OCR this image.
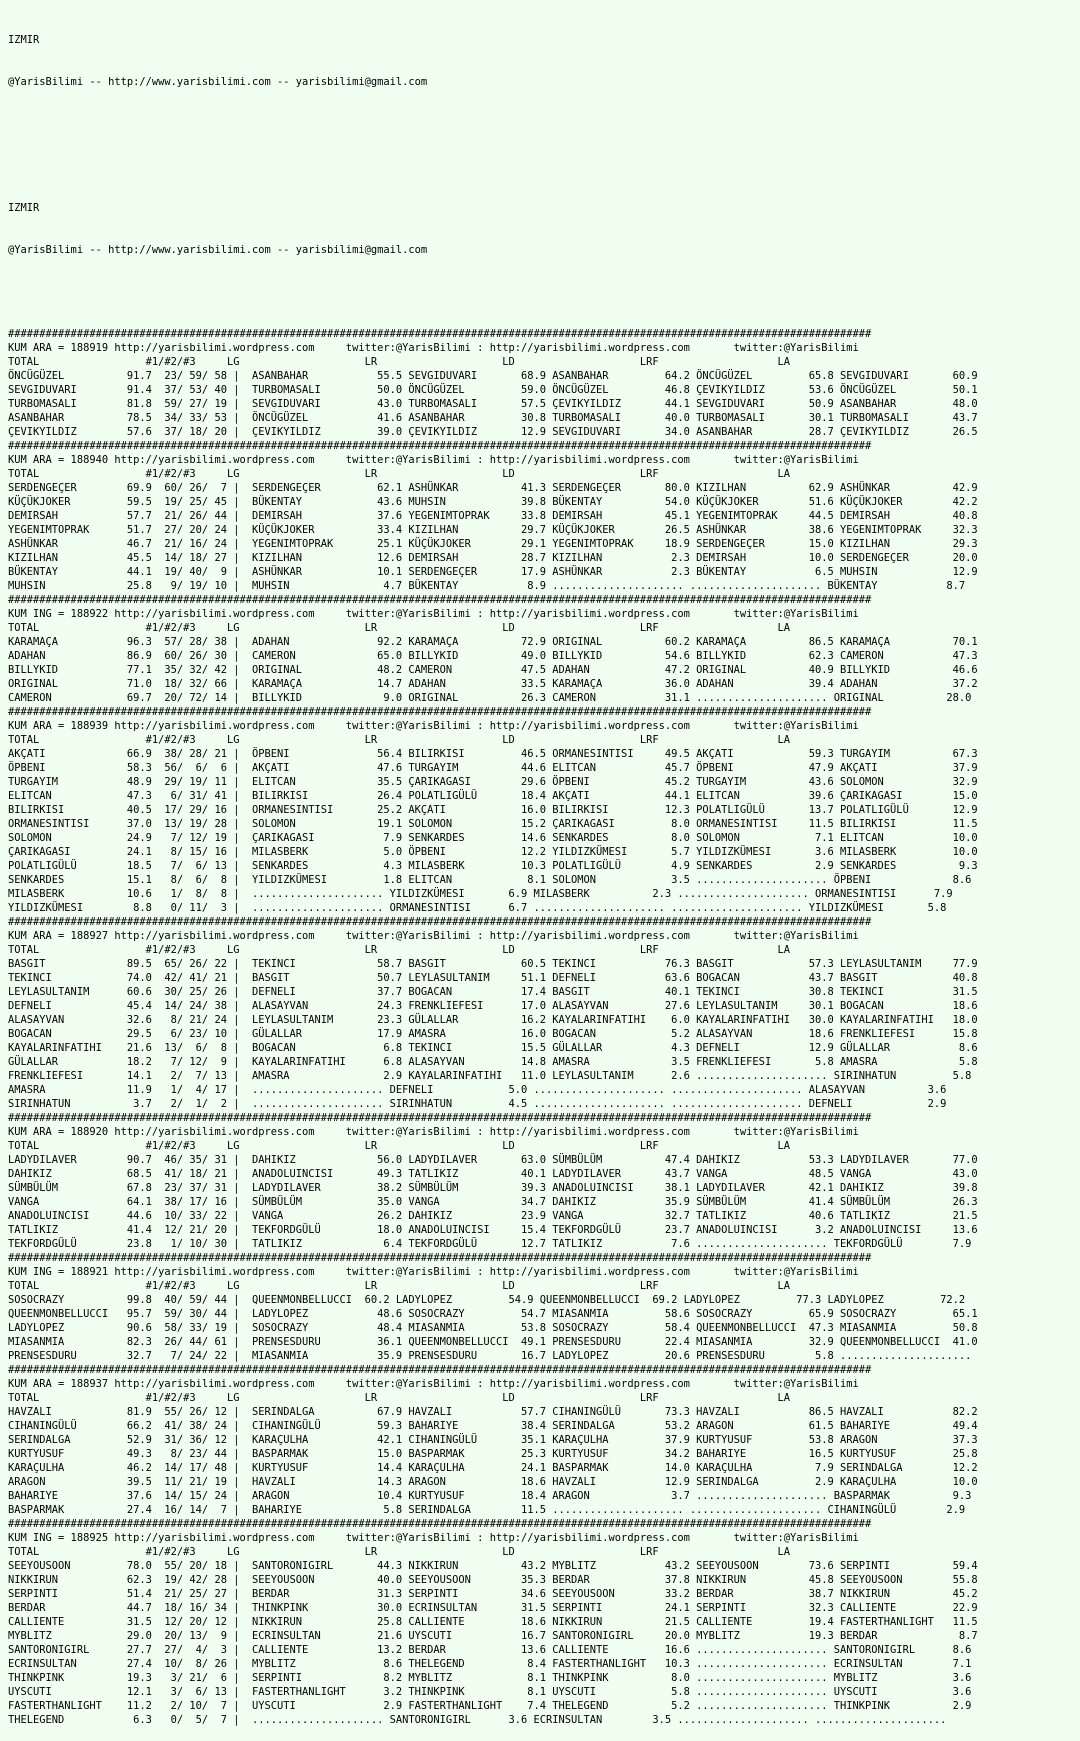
IZMIR

@YarisBilimi -- http://www.yarisbilimi.com -- yarisbilimi@gmail.com

IZMIR

@YarisBilimi -- http://www.yarisbilimi.com -- yarisbilimi@gmail.com

##########################################################################################################################################
KUM ARA = 188919 http://yarisbilimi.wordpress.com     twitter:@YarisBilimi : http://yarisbilimi.wordpress.com       twitter:@YarisBilimi
TOTAL                 #1/#2/#3     LG                    LR                    LD                    LRF                   LA
ÖNCÜGÜZEL          91.7  23/ 59/ 58 |  ASANBAHAR           55.5 SEVGIDUVARI       68.9 ASANBAHAR         64.2 ÖNCÜGÜZEL         65.8 SEVGIDUVARI       60.9
SEVGIDUVARI        91.4  37/ 53/ 40 |  TURBOMASALI         50.0 ÖNCÜGÜZEL         59.0 ÖNCÜGÜZEL         46.8 ÇEVIKYILDIZ       53.6 ÖNCÜGÜZEL         50.1
TURBOMASALI        81.8  59/ 27/ 19 |  SEVGIDUVARI         43.0 TURBOMASALI       57.5 ÇEVIKYILDIZ       44.1 SEVGIDUVARI       50.9 ASANBAHAR         48.0
ASANBAHAR          78.5  34/ 33/ 53 |  ÖNCÜGÜZEL           41.6 ASANBAHAR         30.8 TURBOMASALI       40.0 TURBOMASALI       30.1 TURBOMASALI       43.7
ÇEVIKYILDIZ        57.6  37/ 18/ 20 |  ÇEVIKYILDIZ         39.0 ÇEVIKYILDIZ       12.9 SEVGIDUVARI       34.0 ASANBAHAR         28.7 ÇEVIKYILDIZ       26.5
##########################################################################################################################################
KUM ARA = 188940 http://yarisbilimi.wordpress.com     twitter:@YarisBilimi : http://yarisbilimi.wordpress.com       twitter:@YarisBilimi
TOTAL                 #1/#2/#3     LG                    LR                    LD                    LRF                   LA
SERDENGEÇER        69.9  60/ 26/  7 |  SERDENGEÇER         62.1 ASHÜNKAR          41.3 SERDENGEÇER       80.0 KIZILHAN          62.9 ASHÜNKAR          42.9
KÜÇÜKJOKER         59.5  19/ 25/ 45 |  BÜKENTAY            43.6 MUHSIN            39.8 BÜKENTAY          54.0 KÜÇÜKJOKER        51.6 KÜÇÜKJOKER        42.2
DEMIRSAH           57.7  21/ 26/ 44 |  DEMIRSAH            37.6 YEGENIMTOPRAK     33.8 DEMIRSAH          45.1 YEGENIMTOPRAK     44.5 DEMIRSAH          40.8
YEGENIMTOPRAK      51.7  27/ 20/ 24 |  KÜÇÜKJOKER          33.4 KIZILHAN          29.7 KÜÇÜKJOKER        26.5 ASHÜNKAR          38.6 YEGENIMTOPRAK     32.3
ASHÜNKAR           46.7  21/ 16/ 24 |  YEGENIMTOPRAK       25.1 KÜÇÜKJOKER        29.1 YEGENIMTOPRAK     18.9 SERDENGEÇER       15.0 KIZILHAN          29.3
KIZILHAN           45.5  14/ 18/ 27 |  KIZILHAN            12.6 DEMIRSAH          28.7 KIZILHAN           2.3 DEMIRSAH          10.0 SERDENGEÇER       20.0
BÜKENTAY           44.1  19/ 40/  9 |  ASHÜNKAR            10.1 SERDENGEÇER       17.9 ASHÜNKAR           2.3 BÜKENTAY           6.5 MUHSIN            12.9
MUHSIN             25.8   9/ 19/ 10 |  MUHSIN               4.7 BÜKENTAY           8.9 ..................... ..................... BÜKENTAY           8.7
##########################################################################################################################################
KUM ING = 188922 http://yarisbilimi.wordpress.com     twitter:@YarisBilimi : http://yarisbilimi.wordpress.com       twitter:@YarisBilimi
TOTAL                 #1/#2/#3     LG                    LR                    LD                    LRF                   LA
KARAMAÇA           96.3  57/ 28/ 38 |  ADAHAN              92.2 KARAMAÇA          72.9 ORIGINAL          60.2 KARAMAÇA          86.5 KARAMAÇA          70.1
ADAHAN             86.9  60/ 26/ 30 |  CAMERON             65.0 BILLYKID          49.0 BILLYKID          54.6 BILLYKID          62.3 CAMERON           47.3
BILLYKID           77.1  35/ 32/ 42 |  ORIGINAL            48.2 CAMERON           47.5 ADAHAN            47.2 ORIGINAL          40.9 BILLYKID          46.6
ORIGINAL           71.0  18/ 32/ 66 |  KARAMAÇA            14.7 ADAHAN            33.5 KARAMAÇA          36.0 ADAHAN            39.4 ADAHAN            37.2
CAMERON            69.7  20/ 72/ 14 |  BILLYKID             9.0 ORIGINAL          26.3 CAMERON           31.1 ..................... ORIGINAL          28.0
##########################################################################################################################################
KUM ARA = 188939 http://yarisbilimi.wordpress.com     twitter:@YarisBilimi : http://yarisbilimi.wordpress.com       twitter:@YarisBilimi
TOTAL                 #1/#2/#3     LG                    LR                    LD                    LRF                   LA
AKÇATI             66.9  38/ 28/ 21 |  ÖPBENI              56.4 BILIRKISI         46.5 ORMANESINTISI     49.5 AKÇATI            59.3 TURGAYIM          67.3
ÖPBENI             58.3  56/  6/  6 |  AKÇATI              47.6 TURGAYIM          44.6 ELITCAN           45.7 ÖPBENI            47.9 AKÇATI            37.9
TURGAYIM           48.9  29/ 19/ 11 |  ELITCAN             35.5 ÇARIKAGASI        29.6 ÖPBENI            45.2 TURGAYIM          43.6 SOLOMON           32.9
ELITCAN            47.3   6/ 31/ 41 |  BILIRKISI           26.4 POLATLIGÜLÜ       18.4 AKÇATI            44.1 ELITCAN           39.6 ÇARIKAGASI        15.0
BILIRKISI          40.5  17/ 29/ 16 |  ORMANESINTISI       25.2 AKÇATI            16.0 BILIRKISI         12.3 POLATLIGÜLÜ       13.7 POLATLIGÜLÜ       12.9
ORMANESINTISI      37.0  13/ 19/ 28 |  SOLOMON             19.1 SOLOMON           15.2 ÇARIKAGASI         8.0 ORMANESINTISI     11.5 BILIRKISI         11.5
SOLOMON            24.9   7/ 12/ 19 |  ÇARIKAGASI           7.9 SENKARDES         14.6 SENKARDES          8.0 SOLOMON            7.1 ELITCAN           10.0
ÇARIKAGASI         24.1   8/ 15/ 16 |  MILASBERK            5.0 ÖPBENI            12.2 YILDIZKÜMESI       5.7 YILDIZKÜMESI       3.6 MILASBERK         10.0
POLATLIGÜLÜ        18.5   7/  6/ 13 |  SENKARDES            4.3 MILASBERK         10.3 POLATLIGÜLÜ        4.9 SENKARDES          2.9 SENKARDES          9.3
SENKARDES          15.1   8/  6/  8 |  YILDIZKÜMESI         1.8 ELITCAN            8.1 SOLOMON            3.5 ..................... ÖPBENI             8.6
MILASBERK          10.6   1/  8/  8 |  ..................... YILDIZKÜMESI       6.9 MILASBERK          2.3 ..................... ORMANESINTISI      7.9
YILDIZKÜMESI        8.8   0/ 11/  3 |  ..................... ORMANESINTISI      6.7 ..................... ..................... YILDIZKÜMESI       5.8
##########################################################################################################################################
KUM ARA = 188927 http://yarisbilimi.wordpress.com     twitter:@YarisBilimi : http://yarisbilimi.wordpress.com       twitter:@YarisBilimi
TOTAL                 #1/#2/#3     LG                    LR                    LD                    LRF                   LA
BASGIT             89.5  65/ 26/ 22 |  TEKINCI             58.7 BASGIT            60.5 TEKINCI           76.3 BASGIT            57.3 LEYLASULTANIM     77.9
TEKINCI            74.0  42/ 41/ 21 |  BASGIT              50.7 LEYLASULTANIM     51.1 DEFNELI           63.6 BOGACAN           43.7 BASGIT            40.8
LEYLASULTANIM      60.6  30/ 25/ 26 |  DEFNELI             37.7 BOGACAN           17.4 BASGIT            40.1 TEKINCI           30.8 TEKINCI           31.5
DEFNELI            45.4  14/ 24/ 38 |  ALASAYVAN           24.3 FRENKLIEFESI      17.0 ALASAYVAN         27.6 LEYLASULTANIM     30.1 BOGACAN           18.6
ALASAYVAN          32.6   8/ 21/ 24 |  LEYLASULTANIM       23.3 GÜLALLAR          16.2 KAYALARINFATIHI    6.0 KAYALARINFATIHI   30.0 KAYALARINFATIHI   18.0
BOGACAN            29.5   6/ 23/ 10 |  GÜLALLAR            17.9 AMASRA            16.0 BOGACAN            5.2 ALASAYVAN         18.6 FRENKLIEFESI      15.8
KAYALARINFATIHI    21.6  13/  6/  8 |  BOGACAN              6.8 TEKINCI           15.5 GÜLALLAR           4.3 DEFNELI           12.9 GÜLALLAR           8.6
GÜLALLAR           18.2   7/ 12/  9 |  KAYALARINFATIHI      6.8 ALASAYVAN         14.8 AMASRA             3.5 FRENKLIEFESI       5.8 AMASRA             5.8
FRENKLIEFESI       14.1   2/  7/ 13 |  AMASRA               2.9 KAYALARINFATIHI   11.0 LEYLASULTANIM      2.6 ..................... SIRINHATUN         5.8
AMASRA             11.9   1/  4/ 17 |  ..................... DEFNELI            5.0 ..................... ..................... ALASAYVAN          3.6
SIRINHATUN          3.7   2/  1/  2 |  ..................... SIRINHATUN         4.5 ..................... ..................... DEFNELI            2.9
##########################################################################################################################################
KUM ARA = 188920 http://yarisbilimi.wordpress.com     twitter:@YarisBilimi : http://yarisbilimi.wordpress.com       twitter:@YarisBilimi
TOTAL                 #1/#2/#3     LG                    LR                    LD                    LRF                   LA
LADYDILAVER        90.7  46/ 35/ 31 |  DAHIKIZ             56.0 LADYDILAVER       63.0 SÜMBÜLÜM          47.4 DAHIKIZ           53.3 LADYDILAVER       77.0
DAHIKIZ            68.5  41/ 18/ 21 |  ANADOLUINCISI       49.3 TATLIKIZ          40.1 LADYDILAVER       43.7 VANGA             48.5 VANGA             43.0
SÜMBÜLÜM           67.8  23/ 37/ 31 |  LADYDILAVER         38.2 SÜMBÜLÜM          39.3 ANADOLUINCISI     38.1 LADYDILAVER       42.1 DAHIKIZ           39.8
VANGA              64.1  38/ 17/ 16 |  SÜMBÜLÜM            35.0 VANGA             34.7 DAHIKIZ           35.9 SÜMBÜLÜM          41.4 SÜMBÜLÜM          26.3
ANADOLUINCISI      44.6  10/ 33/ 22 |  VANGA               26.2 DAHIKIZ           23.9 VANGA             32.7 TATLIKIZ          40.6 TATLIKIZ          21.5
TATLIKIZ           41.4  12/ 21/ 20 |  TEKFORDGÜLÜ         18.0 ANADOLUINCISI     15.4 TEKFORDGÜLÜ       23.7 ANADOLUINCISI      3.2 ANADOLUINCISI     13.6
TEKFORDGÜLÜ        23.8   1/ 10/ 30 |  TATLIKIZ             6.4 TEKFORDGÜLÜ       12.7 TATLIKIZ           7.6 ..................... TEKFORDGÜLÜ        7.9
##########################################################################################################################################
KUM ING = 188921 http://yarisbilimi.wordpress.com     twitter:@YarisBilimi : http://yarisbilimi.wordpress.com       twitter:@YarisBilimi
TOTAL                 #1/#2/#3     LG                    LR                    LD                    LRF                   LA
SOSOCRAZY          99.8  40/ 59/ 44 |  QUEENMONBELLUCCI  60.2 LADYLOPEZ         54.9 QUEENMONBELLUCCI  69.2 LADYLOPEZ         77.3 LADYLOPEZ         72.2
QUEENMONBELLUCCI   95.7  59/ 30/ 44 |  LADYLOPEZ           48.6 SOSOCRAZY         54.7 MIASANMIA         58.6 SOSOCRAZY         65.9 SOSOCRAZY         65.1
LADYLOPEZ          90.6  58/ 33/ 19 |  SOSOCRAZY           48.4 MIASANMIA         53.8 SOSOCRAZY         58.4 QUEENMONBELLUCCI  47.3 MIASANMIA         50.8
MIASANMIA          82.3  26/ 44/ 61 |  PRENSESDURU         36.1 QUEENMONBELLUCCI  49.1 PRENSESDURU       22.4 MIASANMIA         32.9 QUEENMONBELLUCCI  41.0
PRENSESDURU        32.7   7/ 24/ 22 |  MIASANMIA           35.9 PRENSESDURU       16.7 LADYLOPEZ         20.6 PRENSESDURU        5.8 .....................
##########################################################################################################################################
KUM ARA = 188937 http://yarisbilimi.wordpress.com     twitter:@YarisBilimi : http://yarisbilimi.wordpress.com       twitter:@YarisBilimi
TOTAL                 #1/#2/#3     LG                    LR                    LD                    LRF                   LA
HAVZALI            81.9  55/ 26/ 12 |  SERINDALGA          67.9 HAVZALI           57.7 CIHANINGÜLÜ       73.3 HAVZALI           86.5 HAVZALI           82.2
CIHANINGÜLÜ        66.2  41/ 38/ 24 |  CIHANINGÜLÜ         59.3 BAHARIYE          38.4 SERINDALGA        53.2 ARAGON            61.5 BAHARIYE          49.4
SERINDALGA         52.9  31/ 36/ 12 |  KARAÇULHA           42.1 CIHANINGÜLÜ       35.1 KARAÇULHA         37.9 KURTYUSUF         53.8 ARAGON            37.3
KURTYUSUF          49.3   8/ 23/ 44 |  BASPARMAK           15.0 BASPARMAK         25.3 KURTYUSUF         34.2 BAHARIYE          16.5 KURTYUSUF         25.8
KARAÇULHA          46.2  14/ 17/ 48 |  KURTYUSUF           14.4 KARAÇULHA         24.1 BASPARMAK         14.0 KARAÇULHA          7.9 SERINDALGA        12.2
ARAGON             39.5  11/ 21/ 19 |  HAVZALI             14.3 ARAGON            18.6 HAVZALI           12.9 SERINDALGA         2.9 KARAÇULHA         10.0
BAHARIYE           37.6  14/ 15/ 24 |  ARAGON              10.4 KURTYUSUF         18.4 ARAGON             3.7 ..................... BASPARMAK          9.3
BASPARMAK          27.4  16/ 14/  7 |  BAHARIYE             5.8 SERINDALGA        11.5 ..................... ..................... CIHANINGÜLÜ        2.9
##########################################################################################################################################
KUM ING = 188925 http://yarisbilimi.wordpress.com     twitter:@YarisBilimi : http://yarisbilimi.wordpress.com       twitter:@YarisBilimi
TOTAL                 #1/#2/#3     LG                    LR                    LD                    LRF                   LA
SEEYOUSOON         78.0  55/ 20/ 18 |  SANTORONIGIRL       44.3 NIKKIRUN          43.2 MYBLITZ           43.2 SEEYOUSOON        73.6 SERPINTI          59.4
NIKKIRUN           62.3  19/ 42/ 28 |  SEEYOUSOON          40.0 SEEYOUSOON        35.3 BERDAR            37.8 NIKKIRUN          45.8 SEEYOUSOON        55.8
SERPINTI           51.4  21/ 25/ 27 |  BERDAR              31.3 SERPINTI          34.6 SEEYOUSOON        33.2 BERDAR            38.7 NIKKIRUN          45.2
BERDAR             44.7  18/ 16/ 34 |  THINKPINK           30.0 ECRINSULTAN       31.5 SERPINTI          24.1 SERPINTI          32.3 CALLIENTE         22.9
CALLIENTE          31.5  12/ 20/ 12 |  NIKKIRUN            25.8 CALLIENTE         18.6 NIKKIRUN          21.5 CALLIENTE         19.4 FASTERTHANLIGHT   11.5
MYBLITZ            29.0  20/ 13/  9 |  ECRINSULTAN         21.6 UYSCUTI           16.7 SANTORONIGIRL     20.0 MYBLITZ           19.3 BERDAR             8.7
SANTORONIGIRL      27.7  27/  4/  3 |  CALLIENTE           13.2 BERDAR            13.6 CALLIENTE         16.6 ..................... SANTORONIGIRL      8.6
ECRINSULTAN        27.4  10/  8/ 26 |  MYBLITZ              8.6 THELEGEND          8.4 FASTERTHANLIGHT   10.3 ..................... ECRINSULTAN        7.1
THINKPINK          19.3   3/ 21/  6 |  SERPINTI             8.2 MYBLITZ            8.1 THINKPINK          8.0 ..................... MYBLITZ            3.6
UYSCUTI            12.1   3/  6/ 13 |  FASTERTHANLIGHT      3.2 THINKPINK          8.1 UYSCUTI            5.8 ..................... UYSCUTI            3.6
FASTERTHANLIGHT    11.2   2/ 10/  7 |  UYSCUTI              2.9 FASTERTHANLIGHT    7.4 THELEGEND          5.2 ..................... THINKPINK          2.9
THELEGEND           6.3   0/  5/  7 |  ..................... SANTORONIGIRL      3.6 ECRINSULTAN        3.5 ..................... .....................
